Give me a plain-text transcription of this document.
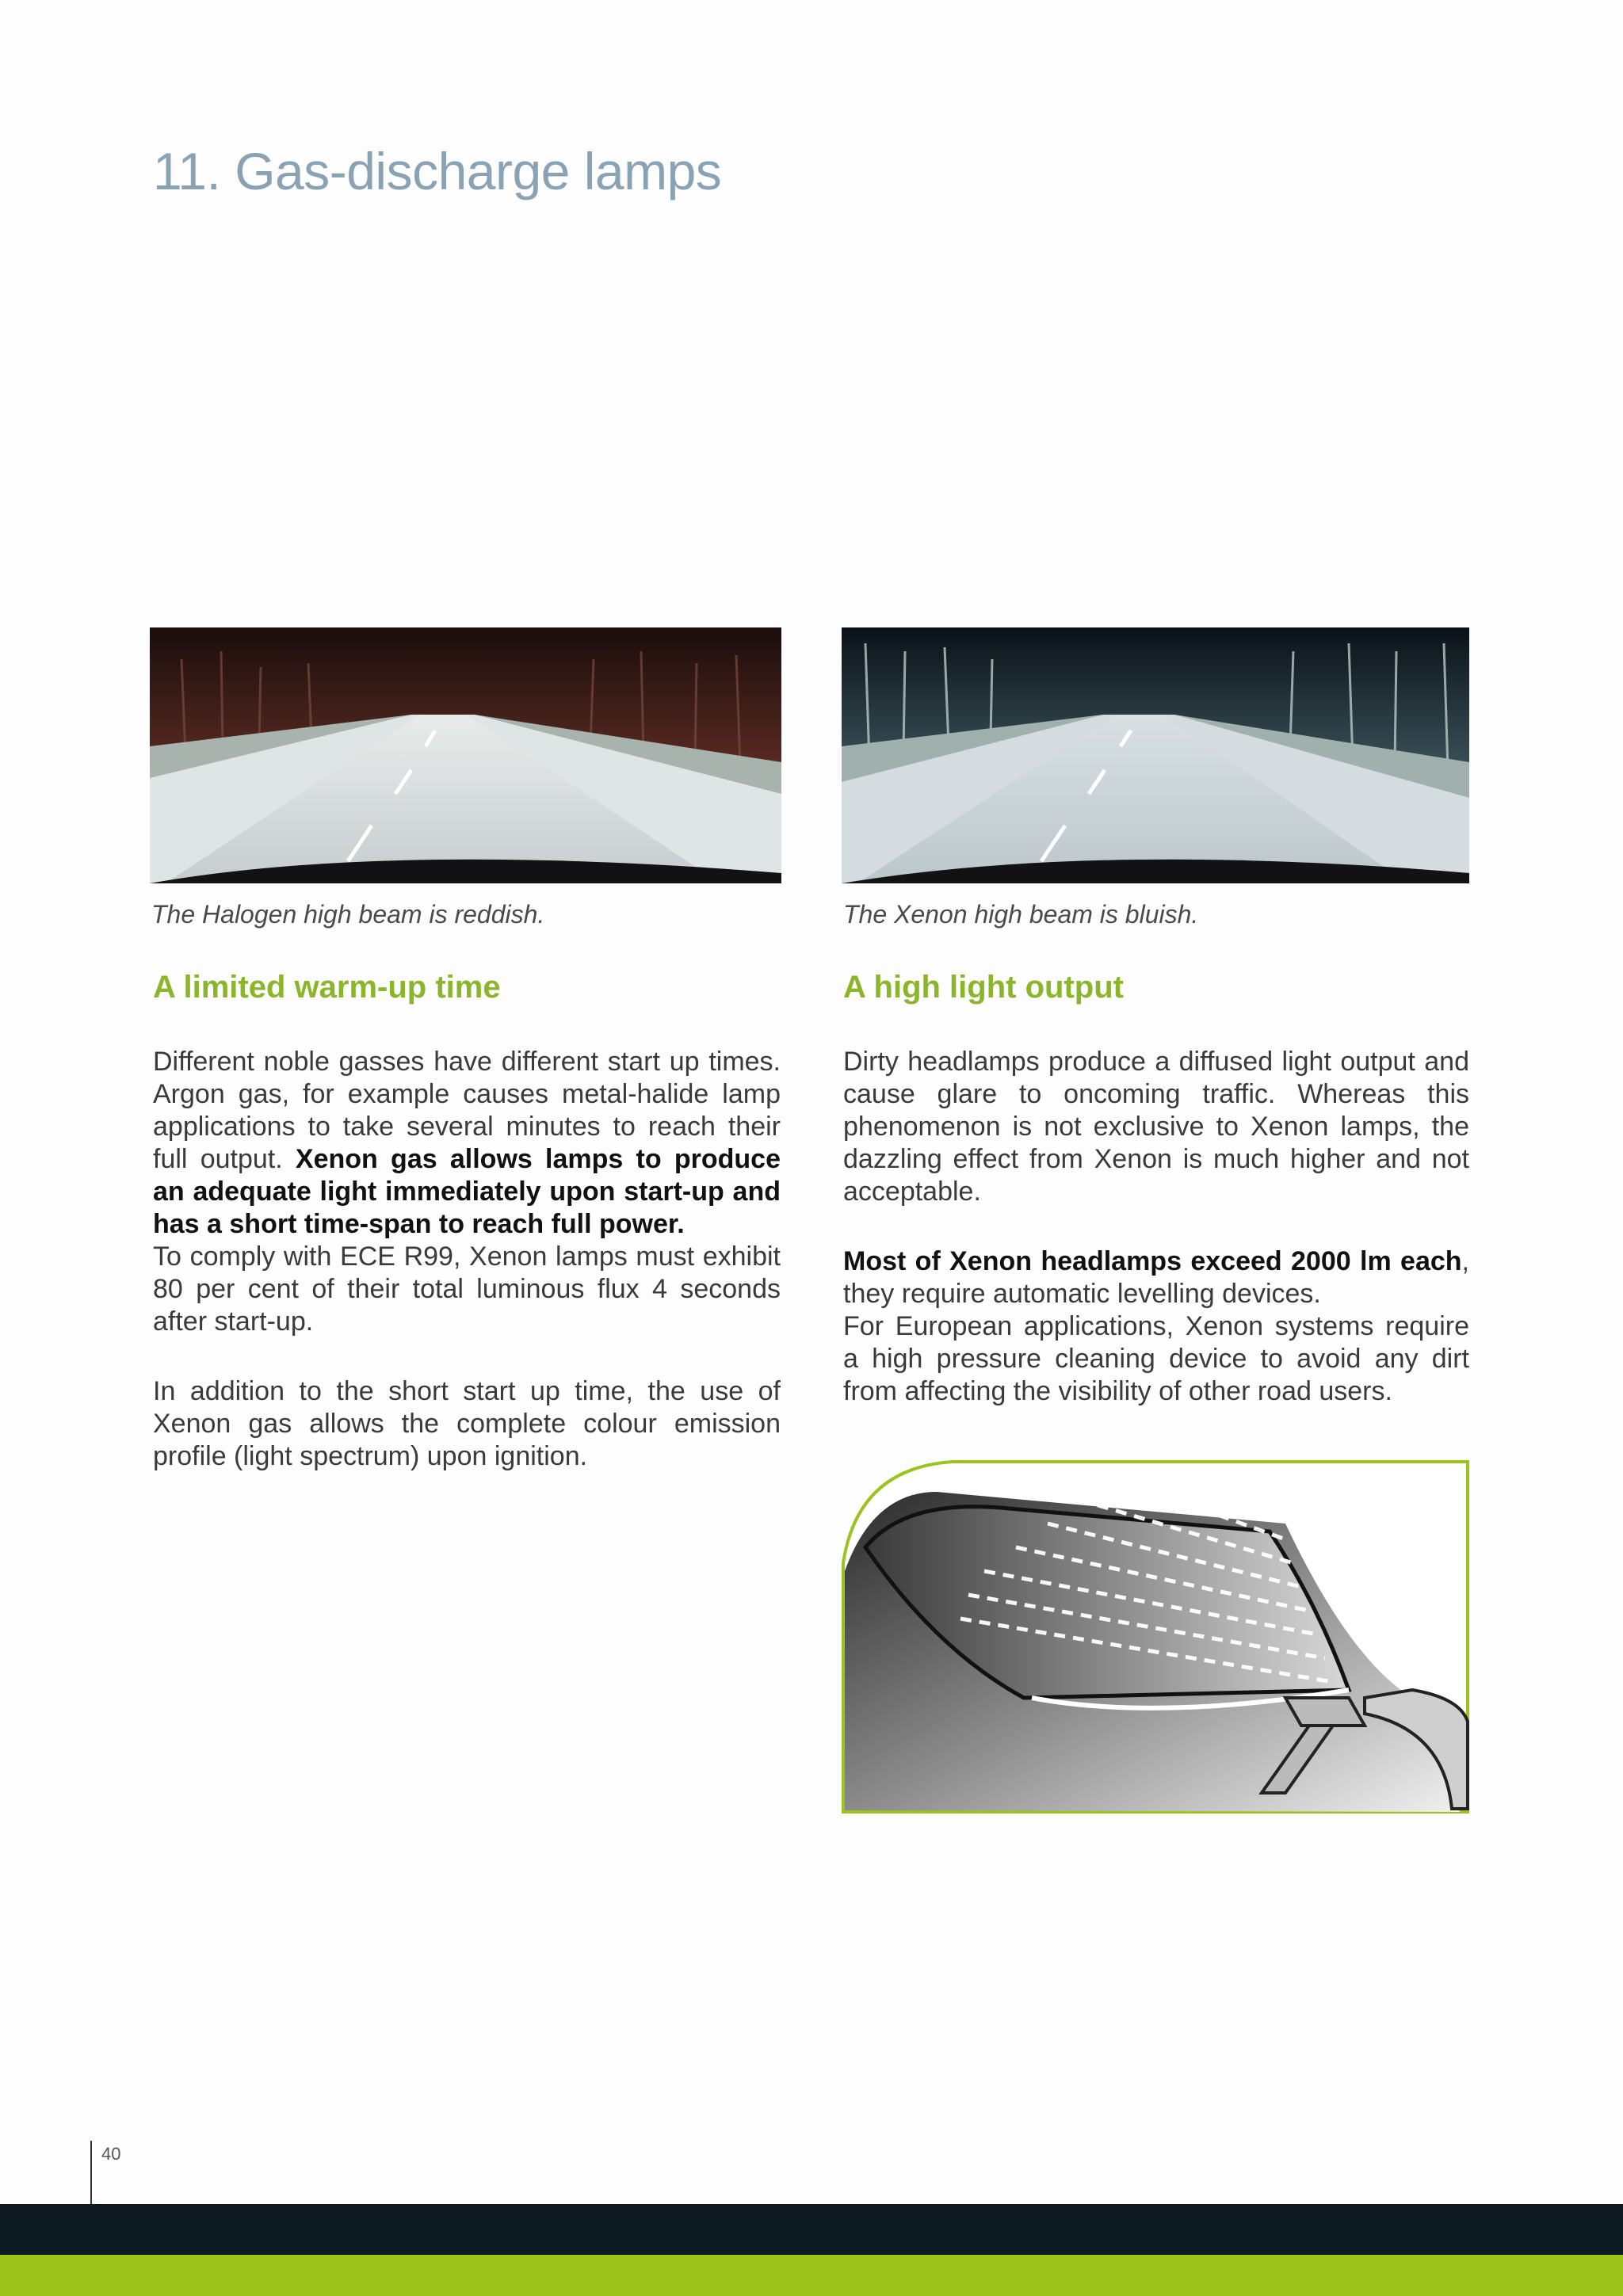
11. Gas-discharge lamps
The Halogen high beam is reddish.	The Xenon high beam is bluish.
A limited warm-up time	A high light output

Different noble gasses have different start up times. Argon gas, for example causes metal-halide lamp applications to take several minutes to reach their full output. Xenon gas allows lamps to produce an adequate light immediately upon start-up and has a short time-span to reach full power.

To comply with ECE R99, Xenon lamps must exhibit 80 per cent of their total luminous flux 4 seconds after start-up.

In addition to the short start up time, the use of Xenon gas allows the complete colour emission profile (light spectrum) upon ignition.

Dirty headlamps produce a diffused light output and cause glare to oncoming traffic. Whereas this phenomenon is not exclusive to Xenon lamps, the dazzling effect from Xenon is much higher and not acceptable.

Most of Xenon headlamps exceed 2000 lm each, they require automatic levelling devices.

For European applications, Xenon systems require a high pressure cleaning device to avoid any dirt from affecting the visibility of other road users.

40
